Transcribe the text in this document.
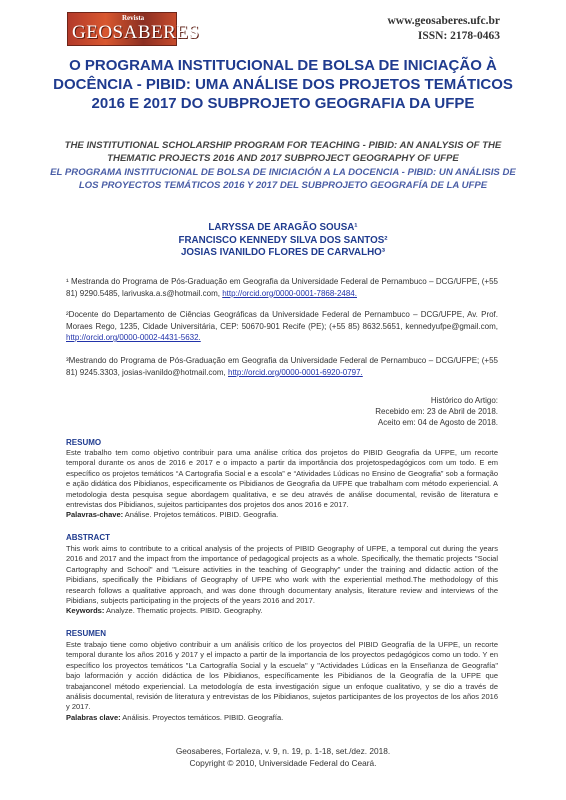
Revista
GEOSABERES
www.geosaberes.ufc.br
ISSN: 2178-0463
O PROGRAMA INSTITUCIONAL DE BOLSA DE INICIAÇÃO À DOCÊNCIA - PIBID: UMA ANÁLISE DOS PROJETOS TEMÁTICOS 2016 E 2017 DO SUBPROJETO GEOGRAFIA DA UFPE
THE INSTITUTIONAL SCHOLARSHIP PROGRAM FOR TEACHING - PIBID: AN ANALYSIS OF THE THEMATIC PROJECTS 2016 AND 2017 SUBPROJECT GEOGRAPHY OF UFPE
EL PROGRAMA INSTITUCIONAL DE BOLSA DE INICIACIÓN A LA DOCENCIA - PIBID: UN ANÁLISIS DE LOS PROYECTOS TEMÁTICOS 2016 Y 2017 DEL SUBPROJETO GEOGRAFÍA DE LA UFPE
LARYSSA DE ARAGÃO SOUSA¹
FRANCISCO KENNEDY SILVA DOS SANTOS²
JOSIAS IVANILDO FLORES DE CARVALHO³

¹ Mestranda do Programa de Pós-Graduação em Geografia da Universidade Federal de Pernambuco – DCG/UFPE, (+55 81) 9290.5485, larivuska.a.s@hotmail.com, http://orcid.org/0000-0001-7868-2484.

²Docente do Departamento de Ciências Geográficas da Universidade Federal de Pernambuco – DCG/UFPE, Av. Prof. Moraes Rego, 1235, Cidade Universitária, CEP: 50670-901 Recife (PE); (+55 85) 8632.5651, kennedyufpe@gmail.com, http://orcid.org/0000-0002-4431-5632.

³Mestrando do Programa de Pós-Graduação em Geografia da Universidade Federal de Pernambuco – DCG/UFPE; (+55 81) 9245.3303, josias-ivanildo@hotmail.com, http://orcid.org/0000-0001-6920-0797.

Histórico do Artigo:
Recebido em: 23 de Abril de 2018.
Aceito em: 04 de Agosto de 2018.
RESUMO

Este trabalho tem como objetivo contribuir para uma análise crítica dos projetos do PIBID Geografia da UFPE, um recorte temporal durante os anos de 2016 e 2017 e o impacto a partir da importância dos projetospedagógicos com um todo. E em específico os projetos temáticos “A Cartografia Social e a escola” e “Atividades Lúdicas no Ensino de Geografia” sob a formação e ação didática dos Pibidianos, especificamente os Pibidianos de Geografia da UFPE que trabalham com método experiencial. A metodologia desta pesquisa segue abordagem qualitativa, e se deu através de análise documental, revisão de literatura e entrevistas dos Pibidianos, sujeitos participantes dos projetos dos anos 2016 e 2017.
Palavras-chave: Análise. Projetos temáticos. PIBID. Geografia.

ABSTRACT

This work aims to contribute to a critical analysis of the projects of PIBID Geography of UFPE, a temporal cut during the years 2016 and 2017 and the impact from the importance of pedagogical projects as a whole. Specifically, the thematic projects "Social Cartography and School" and "Leisure activities in the teaching of Geography" under the training and didactic action of the Pibidians, specifically the Pibidians of Geography of UFPE who work with the experiential method.The methodology of this research follows a qualitative approach, and was done through documentary analysis, literature review and interviews of the Pibidians, subjects participating in the projects of the years 2016 and 2017.
Keywords: Analyze. Thematic projects. PIBID. Geography.

RESUMEN

Este trabajo tiene como objetivo contribuir a um análisis crítico de los proyectos del PIBID Geografía de la UFPE, un recorte temporal durante los años 2016 y 2017 y el impacto a partir de la importancia de los proyectos pedagógicos como un todo. Y en específico los proyectos temáticos "La Cartografía Social y la escuela" y "Actividades Lúdicas en la Enseñanza de Geografía" bajo laformación y acción didáctica de los Pibidianos, específicamente les Pibidianos de la Geografía de la UFPE que trabajanconel método experiencial. La metodología de esta investigación sigue un enfoque cualitativo, y se dio a través de análisis documental, revisión de literatura y entrevistas de los Pibidianos, sujetos participantes de los proyectos de los años 2016 y 2017.
Palabras clave: Análisis. Proyectos temáticos. PIBID. Geografía.

Geosaberes, Fortaleza, v. 9, n. 19, p. 1-18, set./dez. 2018.
Copyright © 2010, Universidade Federal do Ceará.
